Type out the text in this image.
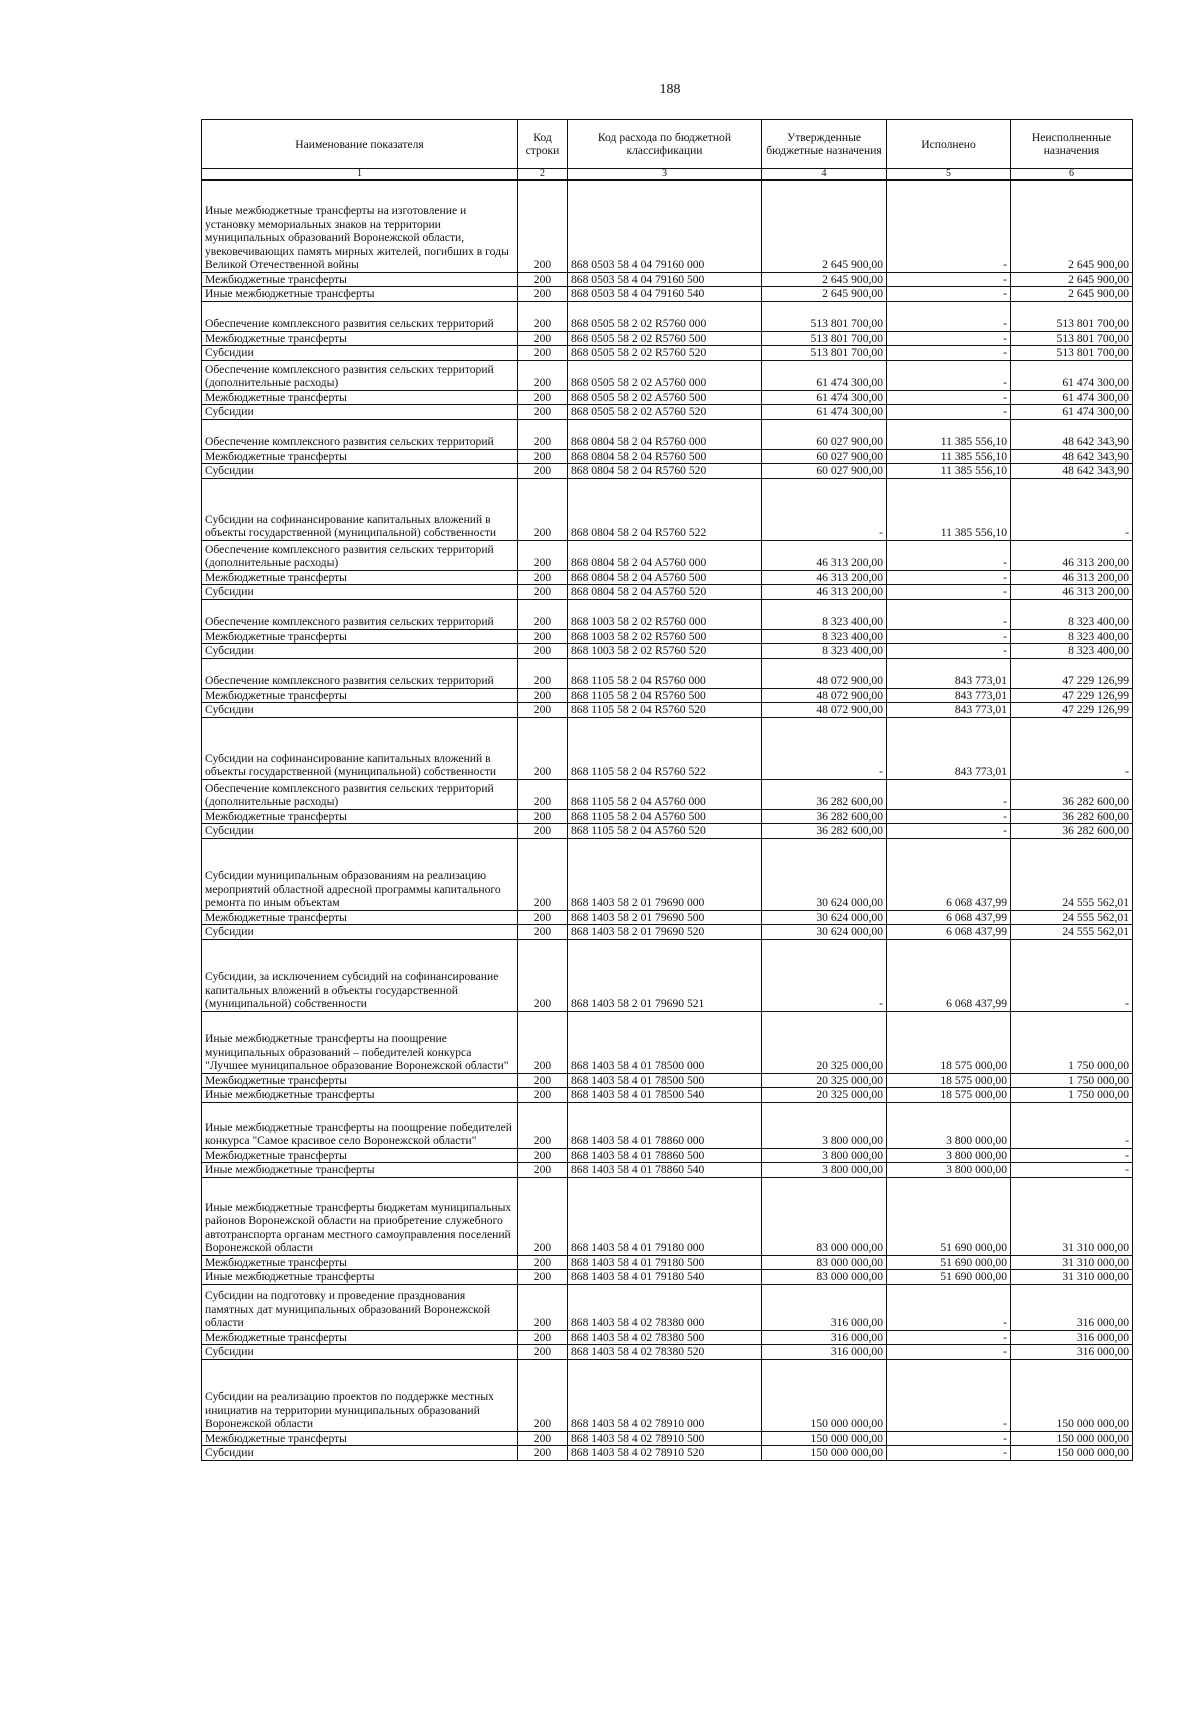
188
Наименование показателя	Код строки	Код расхода по бюджетной классификации	Утвержденные бюджетные назначения	Исполнено	Неисполненные назначения
1	2	3	4	5	6
Иные межбюджетные трансферты на изготовление и установку мемориальных знаков на территории муниципальных образований Воронежской области, увековечивающих память мирных жителей, погибших в годы Великой Отечественной войны	200	868 0503 58 4 04 79160 000	2 645 900,00	-	2 645 900,00
Межбюджетные трансферты	200	868 0503 58 4 04 79160 500	2 645 900,00	-	2 645 900,00
Иные межбюджетные трансферты	200	868 0503 58 4 04 79160 540	2 645 900,00	-	2 645 900,00
Обеспечение комплексного развития сельских территорий	200	868 0505 58 2 02 R5760 000	513 801 700,00	-	513 801 700,00
Межбюджетные трансферты	200	868 0505 58 2 02 R5760 500	513 801 700,00	-	513 801 700,00
Субсидии	200	868 0505 58 2 02 R5760 520	513 801 700,00	-	513 801 700,00
Обеспечение комплексного развития сельских территорий (дополнительные расходы)	200	868 0505 58 2 02 A5760 000	61 474 300,00	-	61 474 300,00
Межбюджетные трансферты	200	868 0505 58 2 02 A5760 500	61 474 300,00	-	61 474 300,00
Субсидии	200	868 0505 58 2 02 A5760 520	61 474 300,00	-	61 474 300,00
Обеспечение комплексного развития сельских территорий	200	868 0804 58 2 04 R5760 000	60 027 900,00	11 385 556,10	48 642 343,90
Межбюджетные трансферты	200	868 0804 58 2 04 R5760 500	60 027 900,00	11 385 556,10	48 642 343,90
Субсидии	200	868 0804 58 2 04 R5760 520	60 027 900,00	11 385 556,10	48 642 343,90
Субсидии на софинансирование капитальных вложений в объекты государственной (муниципальной) собственности	200	868 0804 58 2 04 R5760 522	-	11 385 556,10	-
Обеспечение комплексного развития сельских территорий (дополнительные расходы)	200	868 0804 58 2 04 A5760 000	46 313 200,00	-	46 313 200,00
Межбюджетные трансферты	200	868 0804 58 2 04 A5760 500	46 313 200,00	-	46 313 200,00
Субсидии	200	868 0804 58 2 04 A5760 520	46 313 200,00	-	46 313 200,00
Обеспечение комплексного развития сельских территорий	200	868 1003 58 2 02 R5760 000	8 323 400,00	-	8 323 400,00
Межбюджетные трансферты	200	868 1003 58 2 02 R5760 500	8 323 400,00	-	8 323 400,00
Субсидии	200	868 1003 58 2 02 R5760 520	8 323 400,00	-	8 323 400,00
Обеспечение комплексного развития сельских территорий	200	868 1105 58 2 04 R5760 000	48 072 900,00	843 773,01	47 229 126,99
Межбюджетные трансферты	200	868 1105 58 2 04 R5760 500	48 072 900,00	843 773,01	47 229 126,99
Субсидии	200	868 1105 58 2 04 R5760 520	48 072 900,00	843 773,01	47 229 126,99
Субсидии на софинансирование капитальных вложений в объекты государственной (муниципальной) собственности	200	868 1105 58 2 04 R5760 522	-	843 773,01	-
Обеспечение комплексного развития сельских территорий (дополнительные расходы)	200	868 1105 58 2 04 A5760 000	36 282 600,00	-	36 282 600,00
Межбюджетные трансферты	200	868 1105 58 2 04 A5760 500	36 282 600,00	-	36 282 600,00
Субсидии	200	868 1105 58 2 04 A5760 520	36 282 600,00	-	36 282 600,00
Субсидии муниципальным образованиям на реализацию мероприятий областной адресной программы капитального ремонта по иным объектам	200	868 1403 58 2 01 79690 000	30 624 000,00	6 068 437,99	24 555 562,01
Межбюджетные трансферты	200	868 1403 58 2 01 79690 500	30 624 000,00	6 068 437,99	24 555 562,01
Субсидии	200	868 1403 58 2 01 79690 520	30 624 000,00	6 068 437,99	24 555 562,01
Субсидии, за исключением субсидий на софинансирование капитальных вложений в объекты государственной (муниципальной) собственности	200	868 1403 58 2 01 79690 521	-	6 068 437,99	-
Иные межбюджетные трансферты на поощрение муниципальных образований – победителей конкурса "Лучшее муниципальное образование Воронежской области"	200	868 1403 58 4 01 78500 000	20 325 000,00	18 575 000,00	1 750 000,00
Межбюджетные трансферты	200	868 1403 58 4 01 78500 500	20 325 000,00	18 575 000,00	1 750 000,00
Иные межбюджетные трансферты	200	868 1403 58 4 01 78500 540	20 325 000,00	18 575 000,00	1 750 000,00
Иные межбюджетные трансферты на поощрение победителей конкурса "Самое красивое село Воронежской области"	200	868 1403 58 4 01 78860 000	3 800 000,00	3 800 000,00	-
Межбюджетные трансферты	200	868 1403 58 4 01 78860 500	3 800 000,00	3 800 000,00	-
Иные межбюджетные трансферты	200	868 1403 58 4 01 78860 540	3 800 000,00	3 800 000,00	-
Иные межбюджетные трансферты бюджетам муниципальных районов Воронежской области на приобретение служебного автотранспорта органам местного самоуправления поселений Воронежской области	200	868 1403 58 4 01 79180 000	83 000 000,00	51 690 000,00	31 310 000,00
Межбюджетные трансферты	200	868 1403 58 4 01 79180 500	83 000 000,00	51 690 000,00	31 310 000,00
Иные межбюджетные трансферты	200	868 1403 58 4 01 79180 540	83 000 000,00	51 690 000,00	31 310 000,00
Субсидии на подготовку и проведение празднования памятных дат муниципальных образований Воронежской области	200	868 1403 58 4 02 78380 000	316 000,00	-	316 000,00
Межбюджетные трансферты	200	868 1403 58 4 02 78380 500	316 000,00	-	316 000,00
Субсидии	200	868 1403 58 4 02 78380 520	316 000,00	-	316 000,00
Субсидии на реализацию проектов по поддержке местных инициатив на территории муниципальных образований Воронежской области	200	868 1403 58 4 02 78910 000	150 000 000,00	-	150 000 000,00
Межбюджетные трансферты	200	868 1403 58 4 02 78910 500	150 000 000,00	-	150 000 000,00
Субсидии	200	868 1403 58 4 02 78910 520	150 000 000,00	-	150 000 000,00
